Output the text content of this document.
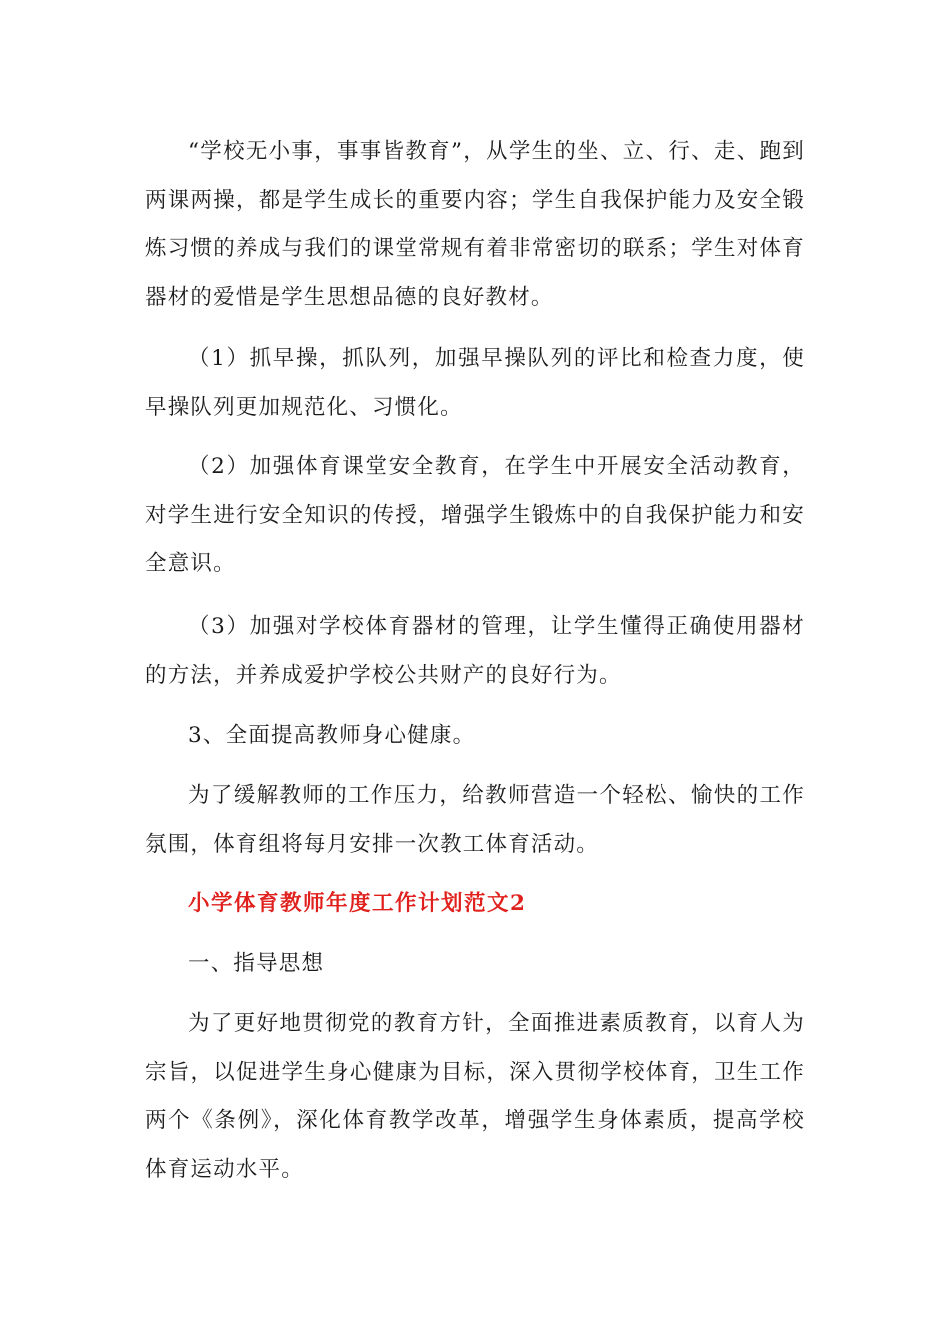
“学校无小事，事事皆教育”，从学生的坐、立、行、走、跑到两课两操，都是学生成长的重要内容；学生自我保护能力及安全锻炼习惯的养成与我们的课堂常规有着非常密切的联系；学生对体育器材的爱惜是学生思想品德的良好教材。

（1）抓早操，抓队列，加强早操队列的评比和检查力度，使早操队列更加规范化、习惯化。

（2）加强体育课堂安全教育，在学生中开展安全活动教育，对学生进行安全知识的传授，增强学生锻炼中的自我保护能力和安全意识。

（3）加强对学校体育器材的管理，让学生懂得正确使用器材的方法，并养成爱护学校公共财产的良好行为。

3、全面提高教师身心健康。

为了缓解教师的工作压力，给教师营造一个轻松、愉快的工作氛围，体育组将每月安排一次教工体育活动。

小学体育教师年度工作计划范文2

一、指导思想

为了更好地贯彻党的教育方针，全面推进素质教育，以育人为宗旨，以促进学生身心健康为目标，深入贯彻学校体育，卫生工作两个《条例》，深化体育教学改革，增强学生身体素质，提高学校体育运动水平。
